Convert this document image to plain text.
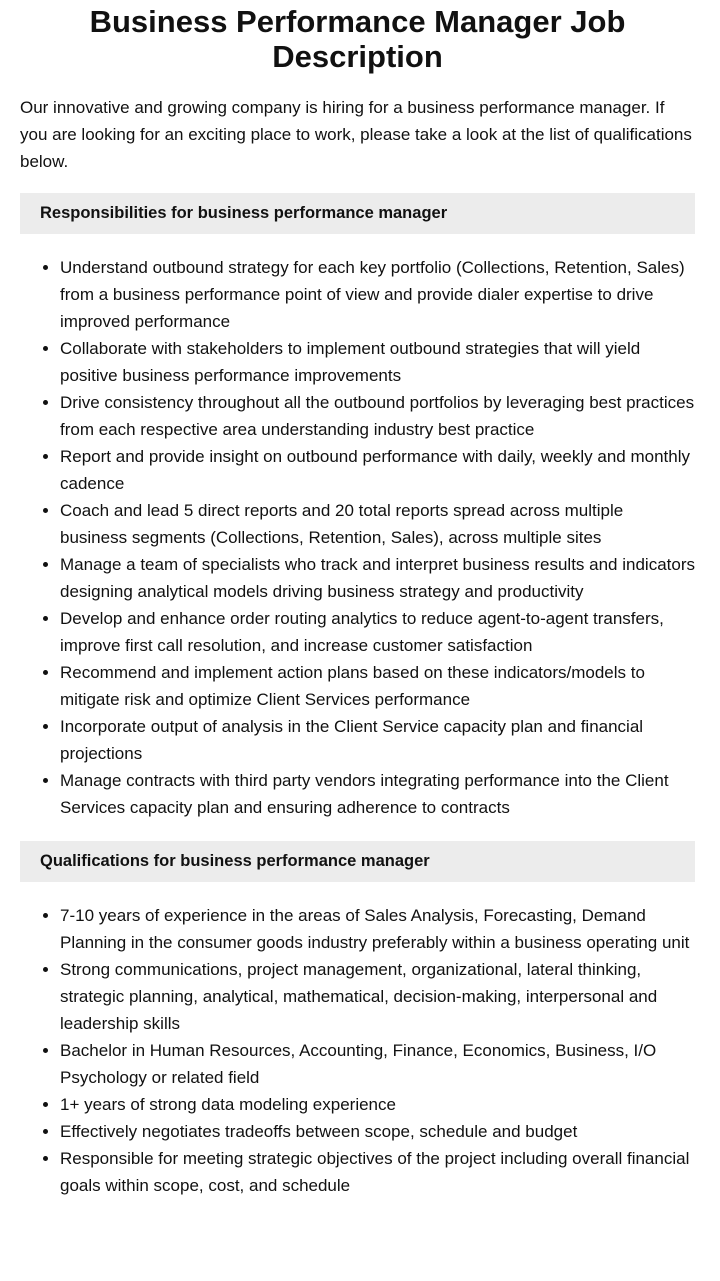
Business Performance Manager Job Description

Our innovative and growing company is hiring for a business performance manager. If you are looking for an exciting place to work, please take a look at the list of qualifications below.

Responsibilities for business performance manager
• Understand outbound strategy for each key portfolio (Collections, Retention, Sales) from a business performance point of view and provide dialer expertise to drive improved performance
• Collaborate with stakeholders to implement outbound strategies that will yield positive business performance improvements
• Drive consistency throughout all the outbound portfolios by leveraging best practices from each respective area understanding industry best practice
• Report and provide insight on outbound performance with daily, weekly and monthly cadence
• Coach and lead 5 direct reports and 20 total reports spread across multiple business segments (Collections, Retention, Sales), across multiple sites
• Manage a team of specialists who track and interpret business results and indicators designing analytical models driving business strategy and productivity
• Develop and enhance order routing analytics to reduce agent-to-agent transfers, improve first call resolution, and increase customer satisfaction
• Recommend and implement action plans based on these indicators/models to mitigate risk and optimize Client Services performance
• Incorporate output of analysis in the Client Service capacity plan and financial projections
• Manage contracts with third party vendors integrating performance into the Client Services capacity plan and ensuring adherence to contracts
Qualifications for business performance manager
• 7-10 years of experience in the areas of Sales Analysis, Forecasting, Demand Planning in the consumer goods industry preferably within a business operating unit
• Strong communications, project management, organizational, lateral thinking, strategic planning, analytical, mathematical, decision-making, interpersonal and leadership skills
• Bachelor in Human Resources, Accounting, Finance, Economics, Business, I/O Psychology or related field
• 1+ years of strong data modeling experience
• Effectively negotiates tradeoffs between scope, schedule and budget
• Responsible for meeting strategic objectives of the project including overall financial goals within scope, cost, and schedule
